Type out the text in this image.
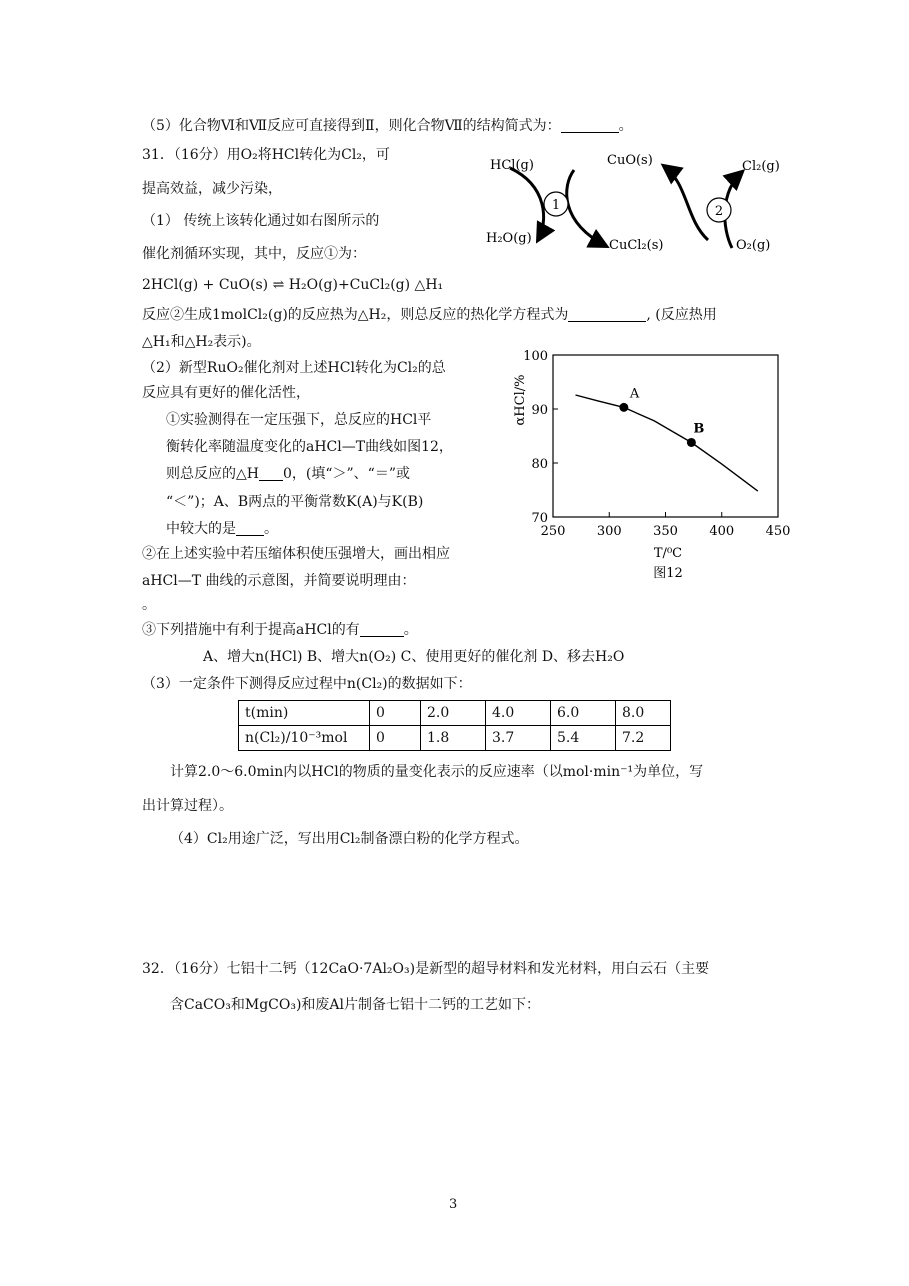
（5）化合物Ⅵ和Ⅶ反应可直接得到Ⅱ，则化合物Ⅶ的结构简式为：	。
31．（16分）用O₂将HCl转化为Cl₂，可
提高效益，减少污染，
（1） 传统上该转化通过如右图所示的
催化剂循环实现，其中，反应①为：
2HCl(g) + CuO(s) ⇌ H₂O(g)+CuCl₂(g) △H₁
反应②生成1molCl₂(g)的反应热为△H₂，则总反应的热化学方程式为	, (反应热用
△H₁和△H₂表示)。
（2）新型RuO₂催化剂对上述HCl转化为Cl₂的总
反应具有更好的催化活性，
①实验测得在一定压强下，总反应的HCl平
衡转化率随温度变化的aHCl—T曲线如图12，
则总反应的△H 0，(填“＞”、“＝”或
“＜”)；A、B两点的平衡常数K(A)与K(B)
中较大的是 。
②在上述实验中若压缩体积使压强增大，画出相应
aHCl—T 曲线的示意图，并简要说明理由：
。
③下列措施中有利于提高aHCl的有	。
A、增大n(HCl) B、增大n(O₂) C、使用更好的催化剂 D、移去H₂O
（3）一定条件下测得反应过程中n(Cl₂)的数据如下：
t(min)	0	2.0	4.0	6.0	8.0
n(Cl₂)/10⁻³mol	0	1.8	3.7	5.4	7.2
计算2.0～6.0min内以HCl的物质的量变化表示的反应速率（以mol·min⁻¹为单位，写
出计算过程）。
（4）Cl₂用途广泛，写出用Cl₂制备漂白粉的化学方程式。
32．（16分）七铝十二钙（12CaO·7Al₂O₃)是新型的超导材料和发光材料，用白云石（主要
含CaCO₃和MgCO₃)和废Al片制备七铝十二钙的工艺如下：
3
1	2
HCl(g)
H₂O(g)
CuO(s)
CuCl₂(s)
Cl₂(g)
O₂(g)
250 300 350 400 450
70
80
90
100
A
B
αHCl/%
T/⁰C
图12
